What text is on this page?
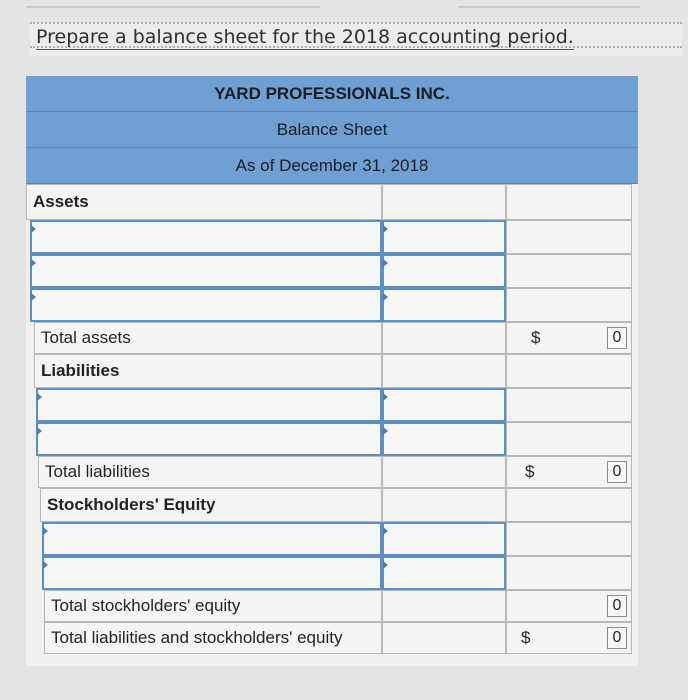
Prepare a balance sheet for the 2018 accounting period.
YARD PROFESSIONALS INC.
Balance Sheet
As of December 31, 2018
Assets
Total assets	$	0
Liabilities
Total liabilities	$	0
Stockholders' Equity
Total stockholders' equity	0
Total liabilities and stockholders' equity	$	0
